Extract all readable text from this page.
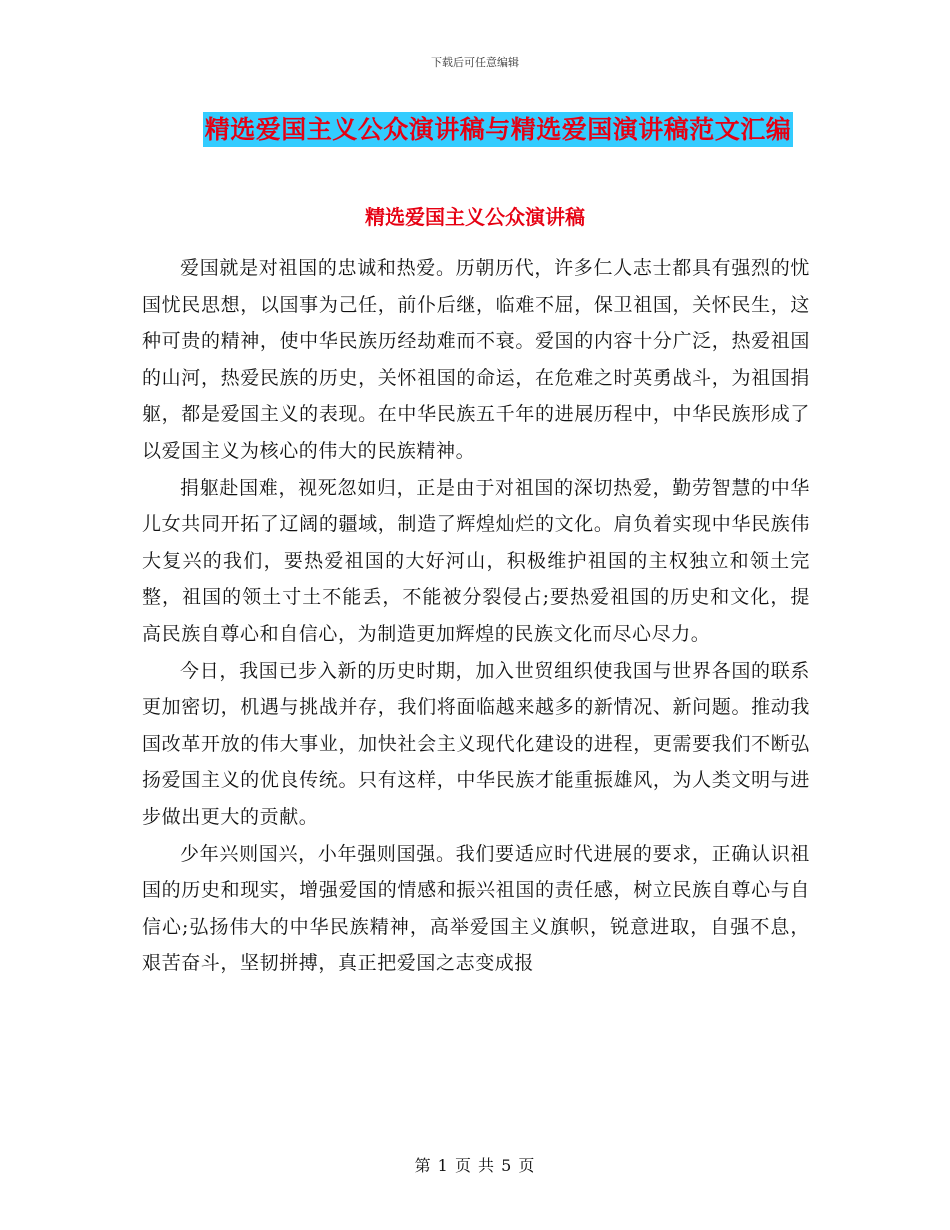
下载后可任意编辑
精选爱国主义公众演讲稿与精选爱国演讲稿范文汇编
精选爱国主义公众演讲稿

爱国就是对祖国的忠诚和热爱。历朝历代，许多仁人志士都具有强烈的忧国忧民思想，以国事为己任，前仆后继，临难不屈，保卫祖国，关怀民生，这种可贵的精神，使中华民族历经劫难而不衰。爱国的内容十分广泛，热爱祖国的山河，热爱民族的历史，关怀祖国的命运，在危难之时英勇战斗，为祖国捐躯，都是爱国主义的表现。在中华民族五千年的进展历程中，中华民族形成了以爱国主义为核心的伟大的民族精神。

捐躯赴国难，视死忽如归，正是由于对祖国的深切热爱，勤劳智慧的中华儿女共同开拓了辽阔的疆域，制造了辉煌灿烂的文化。肩负着实现中华民族伟大复兴的我们，要热爱祖国的大好河山，积极维护祖国的主权独立和领土完整，祖国的领土寸土不能丢，不能被分裂侵占;要热爱祖国的历史和文化，提高民族自尊心和自信心，为制造更加辉煌的民族文化而尽心尽力。

今日，我国已步入新的历史时期，加入世贸组织使我国与世界各国的联系更加密切，机遇与挑战并存，我们将面临越来越多的新情况、新问题。推动我国改革开放的伟大事业，加快社会主义现代化建设的进程，更需要我们不断弘扬爱国主义的优良传统。只有这样，中华民族才能重振雄风，为人类文明与进步做出更大的贡献。

少年兴则国兴，小年强则国强。我们要适应时代进展的要求，正确认识祖国的历史和现实，增强爱国的情感和振兴祖国的责任感，树立民族自尊心与自信心;弘扬伟大的中华民族精神，高举爱国主义旗帜，锐意进取，自强不息，艰苦奋斗，坚韧拼搏，真正把爱国之志变成报

第 1 页 共 5 页
